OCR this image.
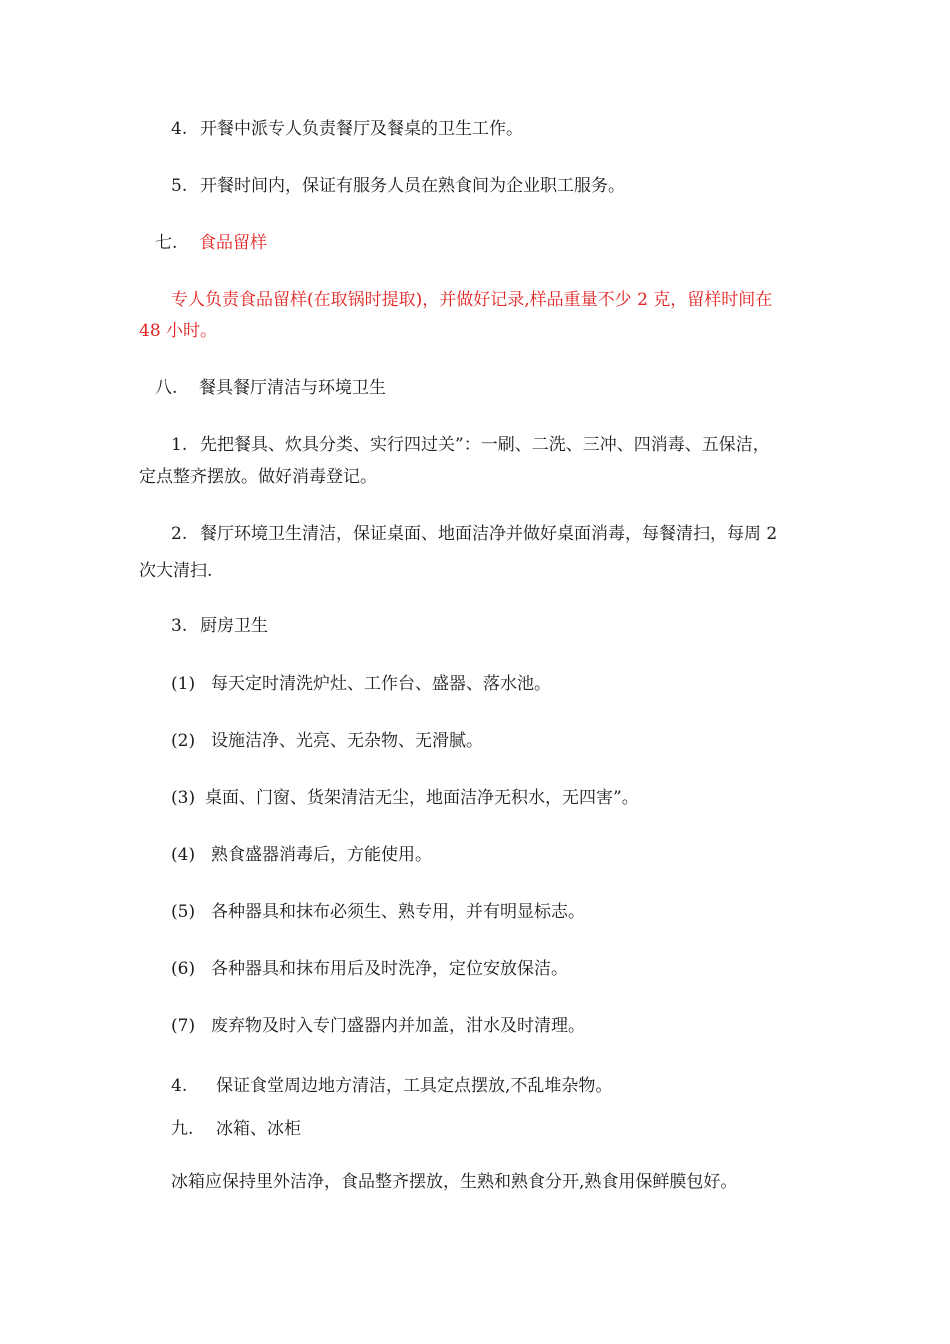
4. 开餐中派专人负责餐厅及餐桌的卫生工作。
5. 开餐时间内，保证有服务人员在熟食间为企业职工服务。
七. 食品留样
专人负责食品留样(在取锅时提取)，并做好记录,样品重量不少 2 克，留样时间在
48 小时。
八. 餐具餐厅清洁与环境卫生
1. 先把餐具、炊具分类、实行四过关”：一刷、二洗、三冲、四消毒、五保洁，
定点整齐摆放。做好消毒登记。
2. 餐厅环境卫生清洁，保证桌面、地面洁净并做好桌面消毒，每餐清扫，每周 2
次大清扫.
3. 厨房卫生
(1) 每天定时清洗炉灶、工作台、盛器、落水池。
(2) 设施洁净、光亮、无杂物、无滑腻。
(3) 桌面、门窗、货架清洁无尘，地面洁净无积水，无四害”。
(4) 熟食盛器消毒后，方能使用。
(5) 各种器具和抹布必须生、熟专用，并有明显标志。
(6) 各种器具和抹布用后及时洗净，定位安放保洁。
(7) 废弃物及时入专门盛器内并加盖，泔水及时清理。
4. 保证食堂周边地方清洁，工具定点摆放,不乱堆杂物。
九. 冰箱、冰柜
冰箱应保持里外洁净，食品整齐摆放，生熟和熟食分开,熟食用保鲜膜包好。
